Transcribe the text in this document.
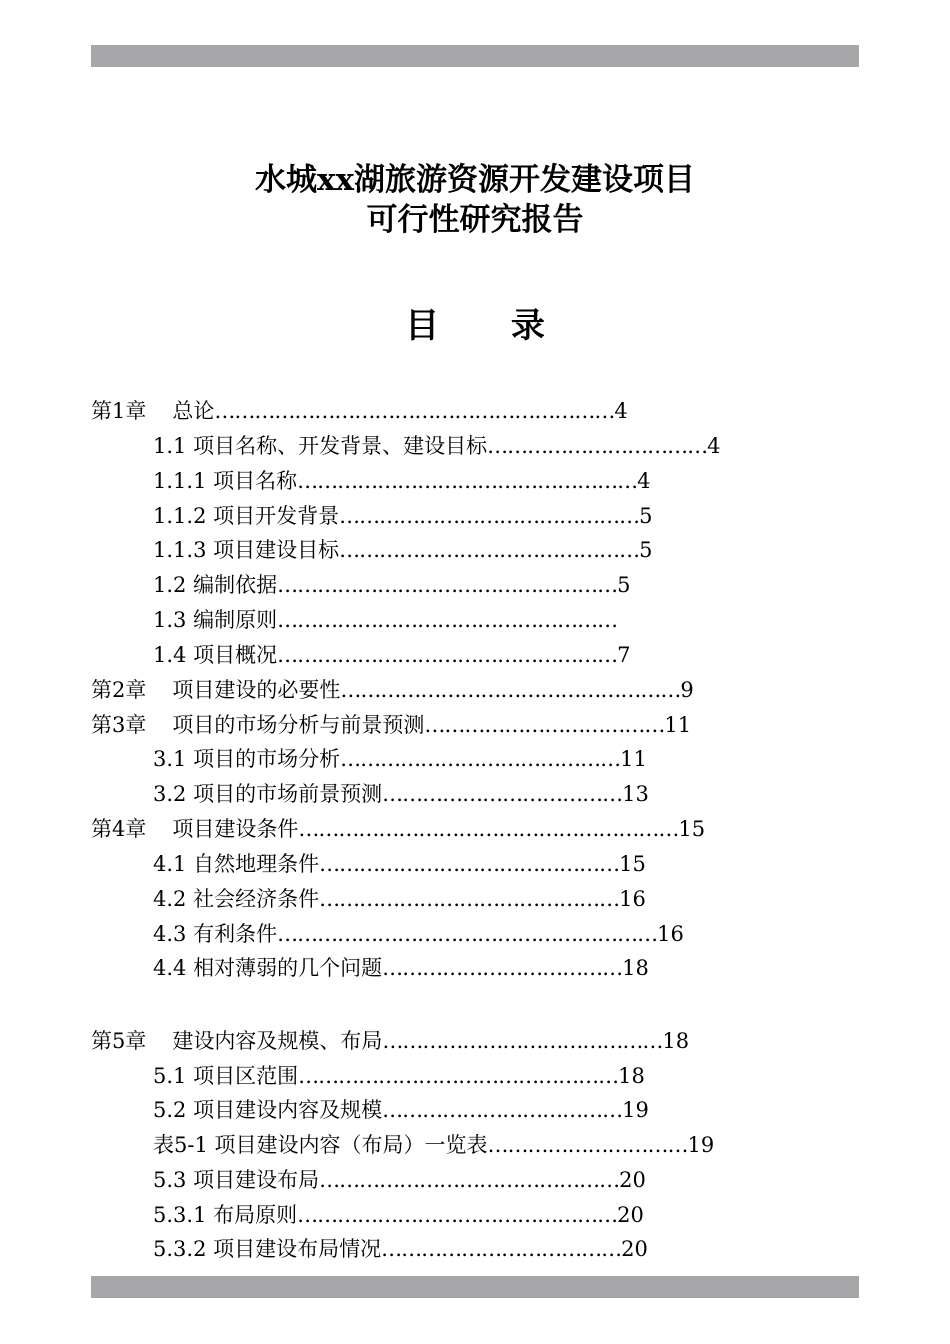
水城xx湖旅游资源开发建设项目
可行性研究报告
目 录
第1章 总论……………………………………………………4
1.1 项目名称、开发背景、建设目标……………………………4
1.1.1 项目名称……………………………………………4
1.1.2 项目开发背景………………………………………5
1.1.3 项目建设目标………………………………………5
1.2 编制依据……………………………………………5
1.3 编制原则……………………………………………
1.4 项目概况……………………………………………7
第2章 项目建设的必要性……………………………………………9
第3章 项目的市场分析与前景预测………………………………11
3.1 项目的市场分析……………………………………11
3.2 项目的市场前景预测………………………………13
第4章 项目建设条件…………………………………………………15
4.1 自然地理条件………………………………………15
4.2 社会经济条件………………………………………16
4.3 有利条件…………………………………………………16
4.4 相对薄弱的几个问题………………………………18
第5章 建设内容及规模、布局……………………………………18
5.1 项目区范围…………………………………………18
5.2 项目建设内容及规模………………………………19
表5-1 项目建设内容（布局）一览表…………………………19
5.3 项目建设布局………………………………………20
5.3.1 布局原则…………………………………………20
5.3.2 项目建设布局情况………………………………20
